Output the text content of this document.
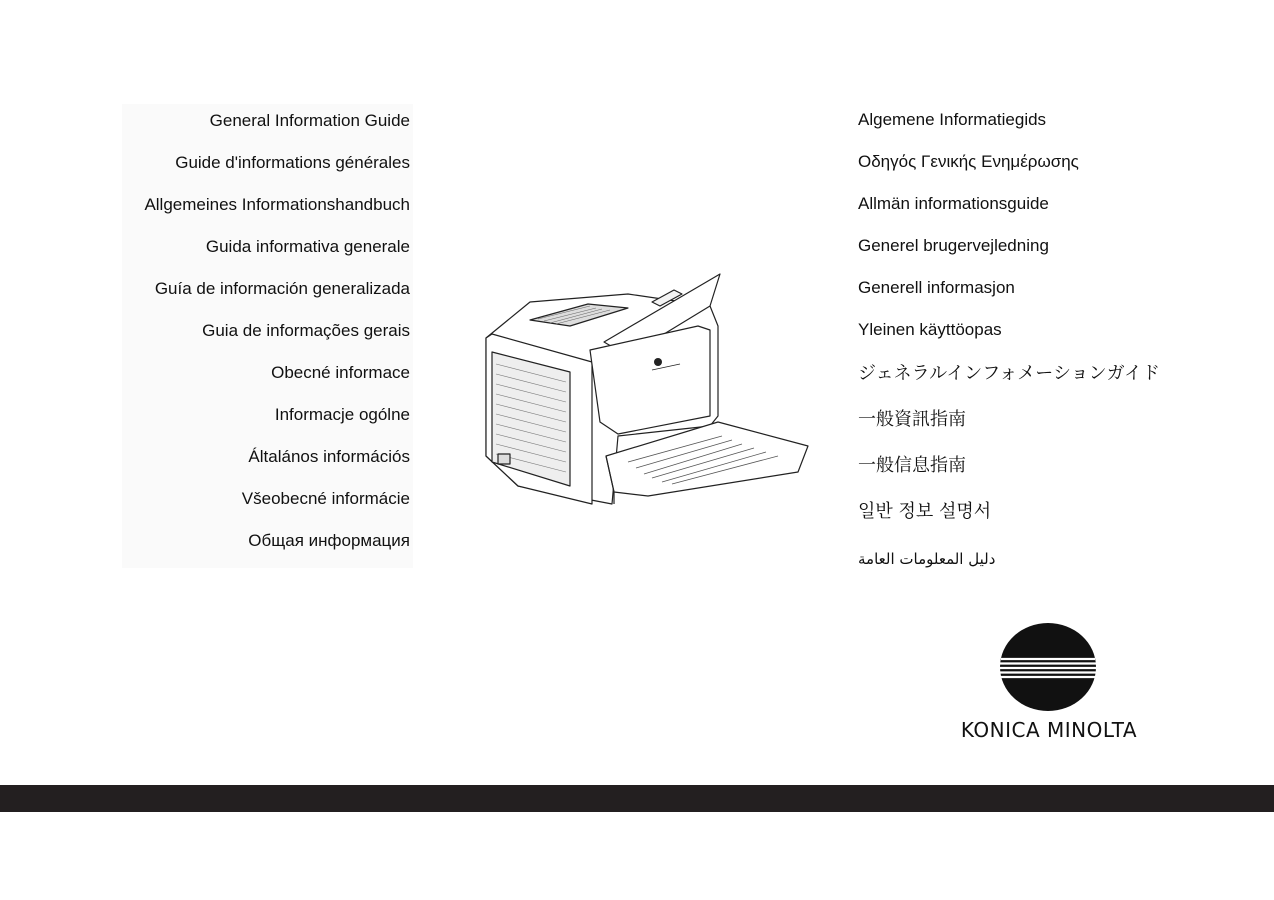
General Information Guide
Guide d'informations générales
Allgemeines Informationshandbuch
Guida informativa generale
Guía de información generalizada
Guia de informações gerais
Obecné informace
Informacje ogólne
Általános információs
Všeobecné informácie
Общая информация
Algemene Informatiegids
Οδηγός Γενικής Ενημέρωσης
Allmän informationsguide
Generel brugervejledning
Generell informasjon
Yleinen käyttöopas
ジェネラルインフォメーションガイド
一般資訊指南
一般信息指南
일반 정보 설명서
دليل المعلومات العامة
KONICA MINOLTA
